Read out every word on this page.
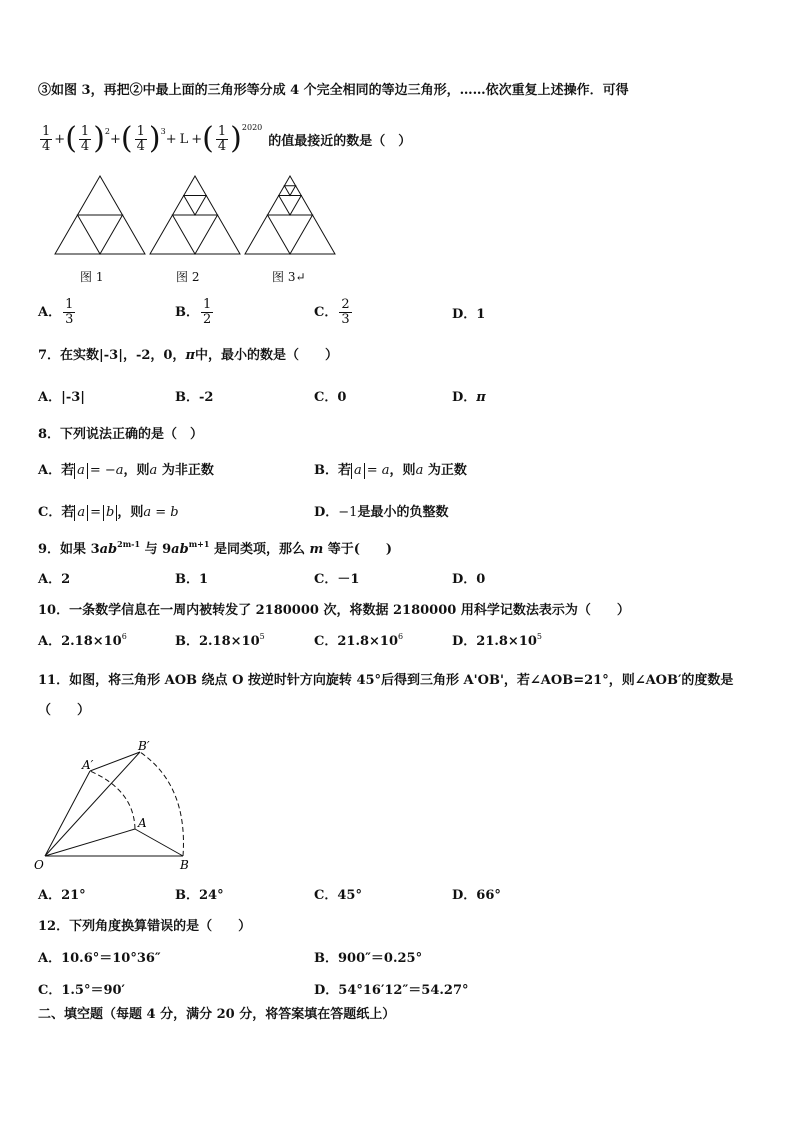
③如图 3，再把②中最上面的三角形等分成 4 个完全相同的等边三角形，……依次重复上述操作．可得
$\frac{1}{4}$ + ( $\frac{1}{4}$ ) 2
+ ( $\frac{1}{4}$ ) 3
+ L + ( $\frac{1}{4}$ ) 2020
的值最接近的数是（　）
图 1	图 2	图 3↵
A． $\frac{1}{3}$	B． $\frac{1}{2}$	C． $\frac{2}{3}$	D．1
7．在实数|-3|，-2，0，π中，最小的数是（　　）
A．|-3|	B．-2	C．0	D．π
8．下列说法正确的是（　）
A．若 a = −a，则a 为非正数	B．若 a = a，则a 为正数
C．若 a = b ，则a = b	D．−1是最小的负整数
9．如果 $3ab^{2m-1}$ 与 $9ab^{m+1}$ 是同类项，那么 m 等于(　　)
A．2	B．1	C．－1	D．0
10．一条数学信息在一周内被转发了 2180000 次，将数据 2180000 用科学记数法表示为（　　）
A．$2.18\times 10^6$	B．$2.18\times 10^5$	C．$21.8\times 10^6$	D．$21.8\times 10^5$
11．如图，将三角形 AOB 绕点 O 按逆时针方向旋转 45°后得到三角形 A'OB'，若∠AOB=21°，则∠AOB′的度数是
（　　）
O	B
A
A′
B′
A．21°	B．24°	C．45°	D．66°
12．下列角度换算错误的是（　　）
A．10.6°＝10°36″	B．900″＝0.25°
C．1.5°＝90′	D．54°16′12″＝54.27°
二、填空题（每题 4 分，满分 20 分，将答案填在答题纸上）
